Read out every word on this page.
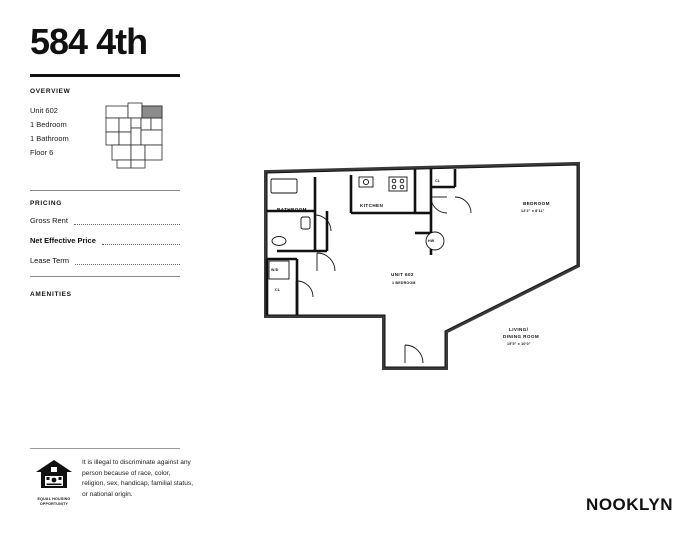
584 4th
OVERVIEW
Unit 602
1 Bedroom
1 Bathroom
Floor 6
PRICING
Gross Rent
Net Effective Price
Lease Term
AMENITIES
EQUAL HOUSING
OPPORTUNITY
It is illegal to discriminate against any person because of race, color, religion, sex, handicap, familial status, or national origin.
NOOKLYN
BATHROOM
KITCHEN	BEDROOM
12'2" x 8'11"
UNIT 602
1 BEDROOM
LIVING/
DINING ROOM
19'5" x 10'0"
CL
CL
HW
W/D
